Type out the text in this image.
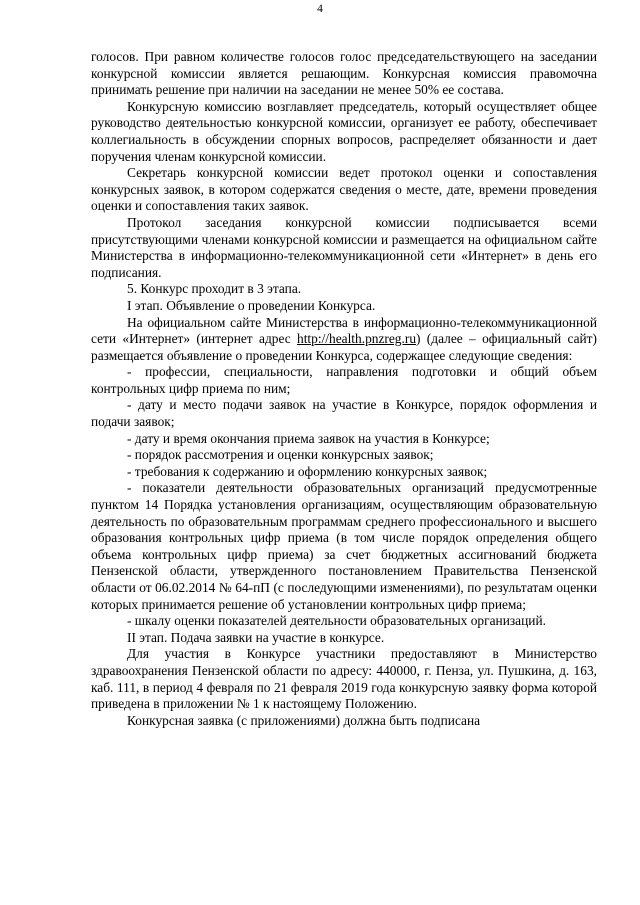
4

голосов. При равном количестве голосов голос председательствующего на заседании конкурсной комиссии является решающим. Конкурсная комиссия правомочна принимать решение при наличии на заседании не менее 50% ее состава.

Конкурсную комиссию возглавляет председатель, который осуществляет общее руководство деятельностью конкурсной комиссии, организует ее работу, обеспечивает коллегиальность в обсуждении спорных вопросов, распределяет обязанности и дает поручения членам конкурсной комиссии.

Секретарь конкурсной комиссии ведет протокол оценки и сопоставления конкурсных заявок, в котором содержатся сведения о месте, дате, времени проведения оценки и сопоставления таких заявок.

Протокол заседания конкурсной комиссии подписывается всеми присутствующими членами конкурсной комиссии и размещается на официальном сайте Министерства в информационно-телекоммуникационной сети «Интернет» в день его подписания.

5. Конкурс проходит в 3 этапа.

I этап. Объявление о проведении Конкурса.

На официальном сайте Министерства в информационно-телекоммуникационной сети «Интернет» (интернет адрес http://health.pnzreg.ru) (далее – официальный сайт) размещается объявление о проведении Конкурса, содержащее следующие сведения:

- профессии, специальности, направления подготовки и общий объем контрольных цифр приема по ним;

- дату и место подачи заявок на участие в Конкурсе, порядок оформления и подачи заявок;

- дату и время окончания приема заявок на участия в Конкурсе;

- порядок рассмотрения и оценки конкурсных заявок;

- требования к содержанию и оформлению конкурсных заявок;

- показатели деятельности образовательных организаций предусмотренные пунктом 14 Порядка установления организациям, осуществляющим образовательную деятельность по образовательным программам среднего профессионального и высшего образования контрольных цифр приема (в том числе порядок определения общего объема контрольных цифр приема) за счет бюджетных ассигнований бюджета Пензенской области, утвержденного постановлением Правительства Пензенской области от 06.02.2014 № 64-пП (с последующими изменениями), по результатам оценки которых принимается решение об установлении контрольных цифр приема;

- шкалу оценки показателей деятельности образовательных организаций.

II этап. Подача заявки на участие в конкурсе.

Для участия в Конкурсе участники предоставляют в Министерство здравоохранения Пензенской области по адресу: 440000, г. Пенза, ул. Пушкина, д. 163, каб. 111, в период 4 февраля по 21 февраля 2019 года конкурсную заявку форма которой приведена в приложении № 1 к настоящему Положению.

Конкурсная заявка (с приложениями) должна быть подписана
